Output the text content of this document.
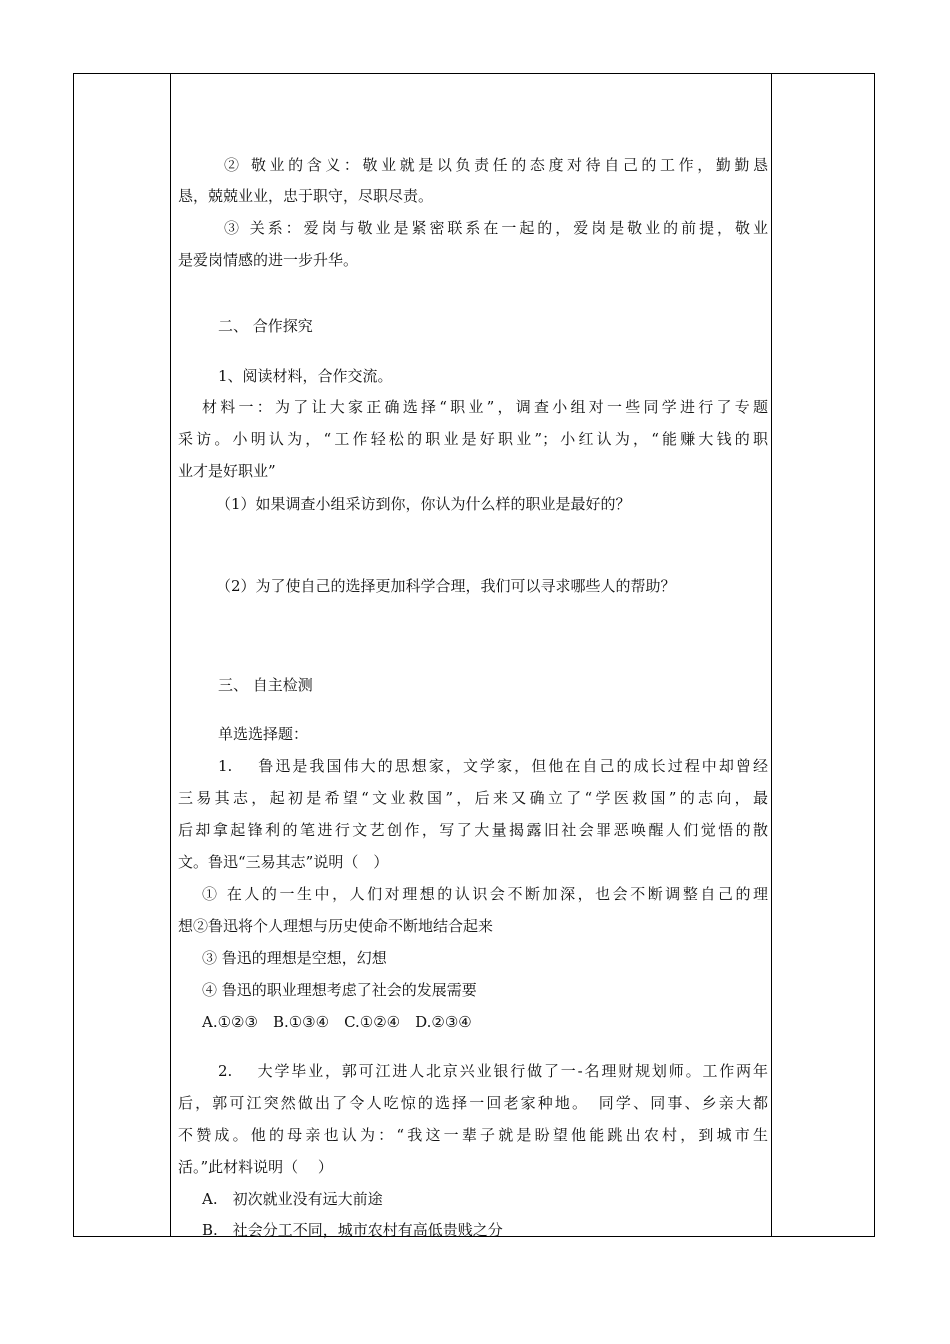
② 敬业的含义：敬业就是以负责任的态度对待自己的工作，勤勤恳
恳，兢兢业业，忠于职守，尽职尽责。
③ 关系：爱岗与敬业是紧密联系在一起的，爱岗是敬业的前提，敬业
是爱岗情感的进一步升华。
二、 合作探究
1、阅读材料，合作交流。
材料一：为了让大家正确选择“职业”，调查小组对一些同学进行了专题
采访。小明认为，“工作轻松的职业是好职业”；小红认为，“能赚大钱的职
业才是好职业”
（1）如果调查小组采访到你，你认为什么样的职业是最好的？
（2）为了使自己的选择更加科学合理，我们可以寻求哪些人的帮助？
三、 自主检测
单选选择题：
1.　 鲁迅是我国伟大的思想家，文学家，但他在自己的成长过程中却曾经
三易其志，起初是希望“文业救国”，后来又确立了“学医救国”的志向，最
后却拿起锋利的笔进行文艺创作，写了大量揭露旧社会罪恶唤醒人们觉悟的散
文。鲁迅“三易其志”说明（　）
① 在人的一生中，人们对理想的认识会不断加深，也会不断调整自己的理
想②鲁迅将个人理想与历史使命不断地结合起来
③ 鲁迅的理想是空想，幻想
④ 鲁迅的职业理想考虑了社会的发展需要
A.①②③　B.①③④　C.①②④　D.②③④
2.　 大学毕业，郭可江进人北京兴业银行做了一-名理财规划师。工作两年
后，郭可江突然做出了令人吃惊的选择一回老家种地。　同学、同事、乡亲大都
不赞成。他的母亲也认为：“我这一辈子就是盼望他能跳出农村，到城市生
活。”此材料说明（　 ）
A.　初次就业没有远大前途
B.　社会分工不同，城市农村有高低贵贱之分
